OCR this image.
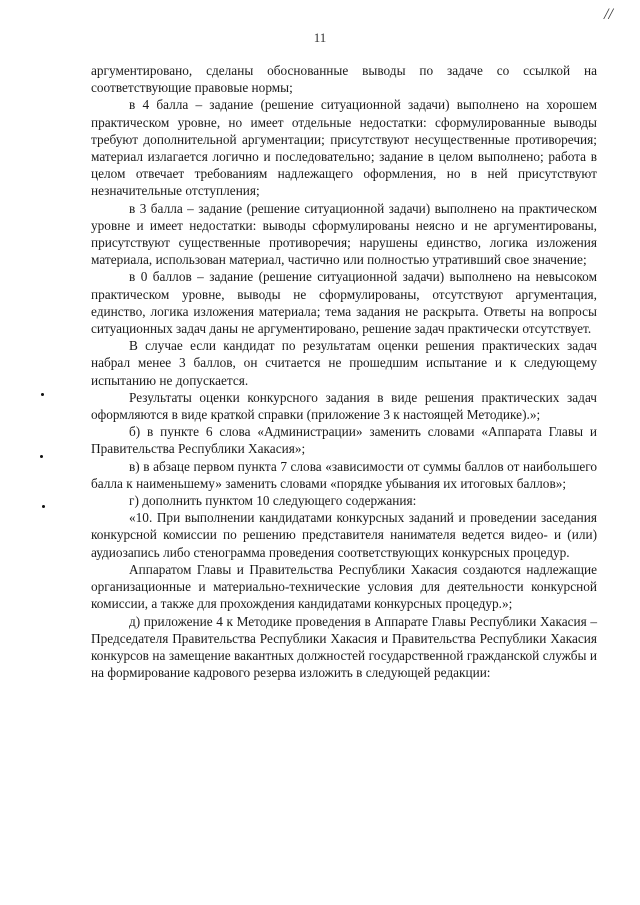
//
11

аргументировано, сделаны обоснованные выводы по задаче со ссылкой на соответствующие правовые нормы;

в 4 балла – задание (решение ситуационной задачи) выполнено на хорошем практическом уровне, но имеет отдельные недостатки: сформулированные выводы требуют дополнительной аргументации; присутствуют несущественные противоречия; материал излагается логично и последовательно; задание в целом выполнено; работа в целом отвечает требованиям надлежащего оформления, но в ней присутствуют незначительные отступления;

в 3 балла – задание (решение ситуационной задачи) выполнено на практическом уровне и имеет недостатки: выводы сформулированы неясно и не аргументированы, присутствуют существенные противоречия; нарушены единство, логика изложения материала, использован материал, частично или полностью утративший свое значение;

в 0 баллов – задание (решение ситуационной задачи) выполнено на невысоком практическом уровне, выводы не сформулированы, отсутствуют аргументация, единство, логика изложения материала; тема задания не раскрыта. Ответы на вопросы ситуационных задач даны не аргументировано, решение задач практически отсутствует.

В случае если кандидат по результатам оценки решения практических задач набрал менее 3 баллов, он считается не прошедшим испытание и к следующему испытанию не допускается.

Результаты оценки конкурсного задания в виде решения практических задач оформляются в виде краткой справки (приложение 3 к настоящей Методике).»;

б) в пункте 6 слова «Администрации» заменить словами «Аппарата Главы и Правительства Республики Хакасия»;

в) в абзаце первом пункта 7 слова «зависимости от суммы баллов от наибольшего балла к наименьшему» заменить словами «порядке убывания их итоговых баллов»;

г) дополнить пунктом 10 следующего содержания:

«10. При выполнении кандидатами конкурсных заданий и проведении заседания конкурсной комиссии по решению представителя нанимателя ведется видео- и (или) аудиозапись либо стенограмма проведения соответствующих конкурсных процедур.

Аппаратом Главы и Правительства Республики Хакасия создаются надлежащие организационные и материально-технические условия для деятельности конкурсной комиссии, а также для прохождения кандидатами конкурсных процедур.»;

д) приложение 4 к Методике проведения в Аппарате Главы Республики Хакасия – Председателя Правительства Республики Хакасия и Правительства Республики Хакасия конкурсов на замещение вакантных должностей государственной гражданской службы и на формирование кадрового резерва изложить в следующей редакции:
